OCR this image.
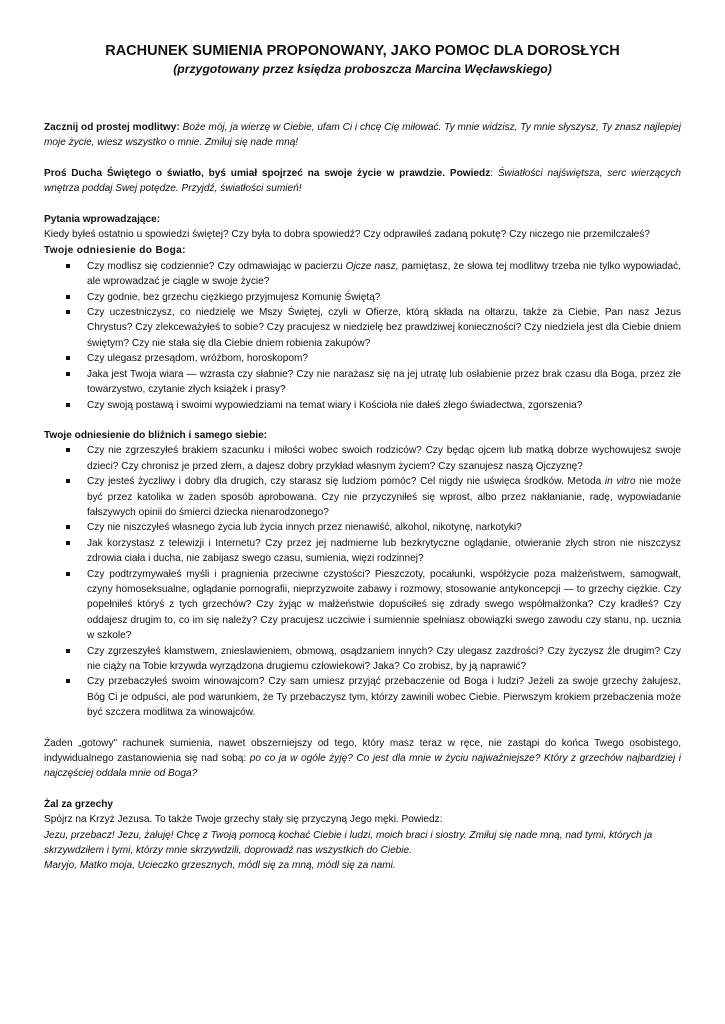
RACHUNEK SUMIENIA PROPONOWANY, JAKO POMOC DLA DOROSŁYCH
(przygotowany przez księdza proboszcza Marcina Węcławskiego)

Zacznij od prostej modlitwy: Boże mój, ja wierzę w Ciebie, ufam Ci i chcę Cię miłować. Ty mnie widzisz, Ty mnie słyszysz, Ty znasz najlepiej moje życie, wiesz wszystko o mnie. Zmiłuj się nade mną!

Proś Ducha Świętego o światło, byś umiał spojrzeć na swoje życie w prawdzie. Powiedz: Światłości najświętsza, serc wierzących wnętrza poddaj Swej potędze. Przyjdź, światłości sumień!

Pytania wprowadzające:

Kiedy byłeś ostatnio u spowiedzi świętej? Czy była to dobra spowiedź? Czy odprawiłeś zadaną pokutę? Czy niczego nie przemilczałeś?

Twoje odniesienie do Boga:
Czy modlisz się codziennie? Czy odmawiając w pacierzu Ojcze nasz, pamiętasz, że słowa tej modlitwy trzeba nie tylko wypowiadać, ale wprowadzać je ciągle w swoje życie?
Czy godnie, bez grzechu ciężkiego przyjmujesz Komunię Świętą?
Czy uczestniczysz, co niedzielę we Mszy Świętej, czyli w Ofierze, którą składa na ołtarzu, także za Ciebie, Pan nasz Jezus Chrystus? Czy zlekceważyłeś to sobie? Czy pracujesz w niedzielę bez prawdziwej konieczności? Czy niedziela jest dla Ciebie dniem świętym? Czy nie stała się dla Ciebie dniem robienia zakupów?
Czy ulegasz przesądom, wróżbom, horoskopom?
Jaka jest Twoja wiara — wzrasta czy słabnie? Czy nie narażasz się na jej utratę lub osłabienie przez brak czasu dla Boga, przez złe towarzystwo, czytanie złych książek i prasy?
Czy swoją postawą i swoimi wypowiedziami na temat wiary i Kościoła nie dałeś złego świadectwa, zgorszenia?
Twoje odniesienie do bliźnich i samego siebie:
Czy nie zgrzeszyłeś brakiem szacunku i miłości wobec swoich rodziców? Czy będąc ojcem lub matką dobrze wychowujesz swoje dzieci? Czy chronisz je przed złem, a dajesz dobry przykład własnym życiem? Czy szanujesz naszą Ojczyznę?
Czy jesteś życzliwy i dobry dla drugich, czy starasz się ludziom pomóc? Cel nigdy nie uświęca środków. Metoda in vitro nie może być przez katolika w żaden sposób aprobowana. Czy nie przyczyniłeś się wprost, albo przez nakłanianie, radę, wypowiadanie fałszywych opinii do śmierci dziecka nienarodzonego?
Czy nie niszczyłeś własnego życia lub życia innych przez nienawiść, alkohol, nikotynę, narkotyki?
Jak korzystasz z telewizji i Internetu? Czy przez jej nadmierne lub bezkrytyczne oglądanie, otwieranie złych stron nie niszczysz zdrowia ciała i ducha, nie zabijasz swego czasu, sumienia, więzi rodzinnej?
Czy podtrzymywałeś myśli i pragnienia przeciwne czystości? Pieszczoty, pocałunki, współżycie poza małżeństwem, samogwałt, czyny homoseksualne, oglądanie pornografii, nieprzyzwoite zabawy i rozmowy, stosowanie antykoncepcji — to grzechy ciężkie. Czy popełniłeś któryś z tych grzechów? Czy żyjąc w małżeństwie dopuściłeś się zdrady swego współmałżonka? Czy kradłeś? Czy oddajesz drugim to, co im się należy? Czy pracujesz uczciwie i sumiennie spełniasz obowiązki swego zawodu czy stanu, np. ucznia w szkole?
Czy zgrzeszyłeś kłamstwem, znieslawieniem, obmową, osądzaniem innych? Czy ulegasz zazdrości? Czy życzysz źle drugim? Czy nie ciąży na Tobie krzywda wyrządzona drugiemu człowiekowi? Jaka? Co zrobisz, by ją naprawić?
Czy przebaczyłeś swoim winowajcom? Czy sam umiesz przyjąć przebaczenie od Boga i ludzi? Jeżeli za swoje grzechy żałujesz, Bóg Ci je odpuści, ale pod warunkiem, że Ty przebaczysz tym, którzy zawinili wobec Ciebie. Pierwszym krokiem przebaczenia może być szczera modlitwa za winowajców.

Żaden „gotowy" rachunek sumienia, nawet obszerniejszy od tego, który masz teraz w ręce, nie zastąpi do końca Twego osobistego, indywidualnego zastanowienia się nad sobą: po co ja w ogóle żyję? Co jest dla mnie w życiu najważniejsze? Który z grzechów najbardziej i najczęściej oddala mnie od Boga?

Żal za grzechy

Spójrz na Krzyż Jezusa. To także Twoje grzechy stały się przyczyną Jego męki. Powiedz:

Jezu, przebacz! Jezu, żałuję! Chcę z Twoją pomocą kochać Ciebie i ludzi, moich braci i siostry. Zmiłuj się nade mną, nad tymi, których ja skrzywdziłem i tymi, którzy mnie skrzywdzili, doprowadź nas wszystkich do Ciebie.

Maryjo, Matko moja, Ucieczko grzesznych, módl się za mną, módl się za nami.
